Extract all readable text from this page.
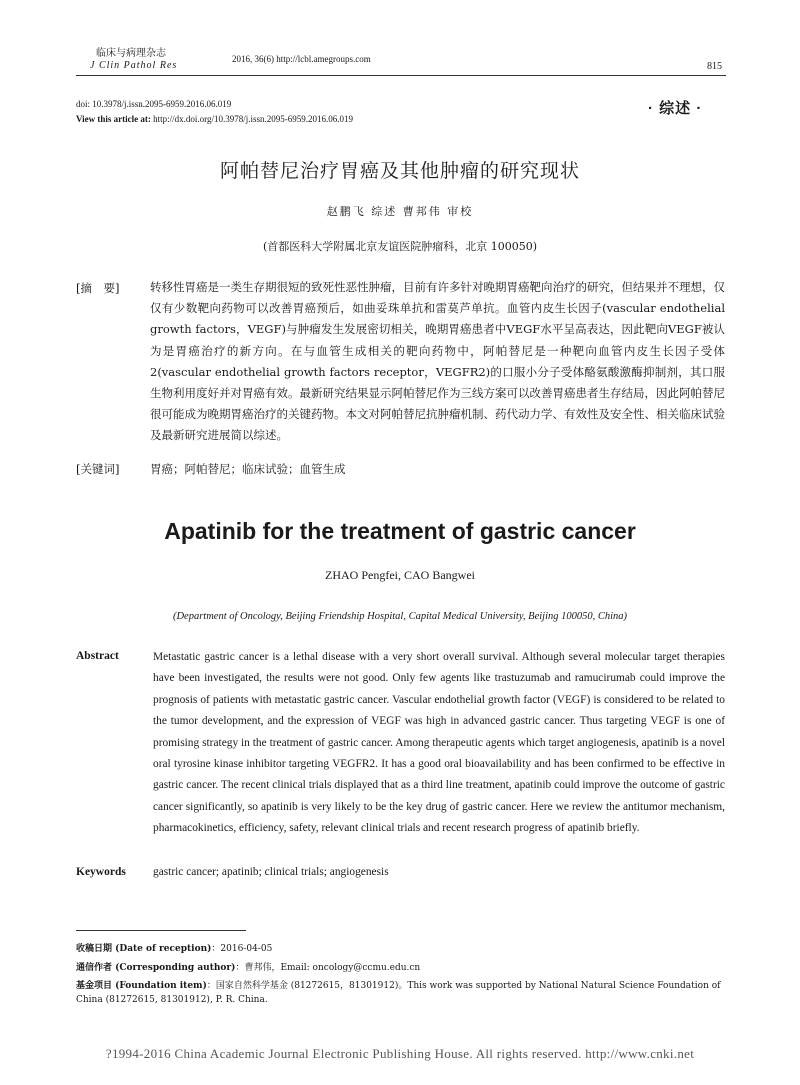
临床与病理杂志
J Clin Pathol Res
2016, 36(6) http://lcbl.amegroups.com
815
doi: 10.3978/j.issn.2095-6959.2016.06.019
View this article at: http://dx.doi.org/10.3978/j.issn.2095-6959.2016.06.019
· 综述 ·
阿帕替尼治疗胃癌及其他肿瘤的研究现状
赵鹏飞 综述 曹邦伟 审校
(首都医科大学附属北京友谊医院肿瘤科，北京 100050)
[摘　要]	转移性胃癌是一类生存期很短的致死性恶性肿瘤，目前有许多针对晚期胃癌靶向治疗的研究，但结果并不理想，仅仅有少数靶向药物可以改善胃癌预后，如曲妥珠单抗和雷莫芦单抗。血管内皮生长因子(vascular endothelial growth factors，VEGF)与肿瘤发生发展密切相关，晚期胃癌患者中VEGF水平呈高表达，因此靶向VEGF被认为是胃癌治疗的新方向。在与血管生成相关的靶向药物中，阿帕替尼是一种靶向血管内皮生长因子受体2(vascular endothelial growth factors receptor，VEGFR2)的口服小分子受体酪氨酸激酶抑制剂，其口服生物利用度好并对胃癌有效。最新研究结果显示阿帕替尼作为三线方案可以改善胃癌患者生存结局，因此阿帕替尼很可能成为晚期胃癌治疗的关键药物。本文对阿帕替尼抗肿瘤机制、药代动力学、有效性及安全性、相关临床试验及最新研究进展简以综述。
[关键词]	胃癌；阿帕替尼；临床试验；血管生成
Apatinib for the treatment of gastric cancer
ZHAO Pengfei, CAO Bangwei
(Department of Oncology, Beijing Friendship Hospital, Capital Medical University, Beijing 100050, China)
Abstract	Metastatic gastric cancer is a lethal disease with a very short overall survival. Although several molecular target therapies have been investigated, the results were not good. Only few agents like trastuzumab and ramucirumab could improve the prognosis of patients with metastatic gastric cancer. Vascular endothelial growth factor (VEGF) is considered to be related to the tumor development, and the expression of VEGF was high in advanced gastric cancer. Thus targeting VEGF is one of promising strategy in the treatment of gastric cancer. Among therapeutic agents which target angiogenesis, apatinib is a novel oral tyrosine kinase inhibitor targeting VEGFR2. It has a good oral bioavailability and has been confirmed to be effective in gastric cancer. The recent clinical trials displayed that as a third line treatment, apatinib could improve the outcome of gastric cancer significantly, so apatinib is very likely to be the key drug of gastric cancer. Here we review the antitumor mechanism, pharmacokinetics, efficiency, safety, relevant clinical trials and recent research progress of apatinib briefly.
Keywords gastric cancer; apatinib; clinical trials; angiogenesis
收稿日期 (Date of reception)：2016-04-05
通信作者 (Corresponding author)：曹邦伟，Email: oncology@ccmu.edu.cn
基金项目 (Foundation item)：国家自然科学基金 (81272615，81301912)。This work was supported by National Natural Science Foundation of China (81272615, 81301912), P. R. China.
?1994-2016 China Academic Journal Electronic Publishing House. All rights reserved. http://www.cnki.net
